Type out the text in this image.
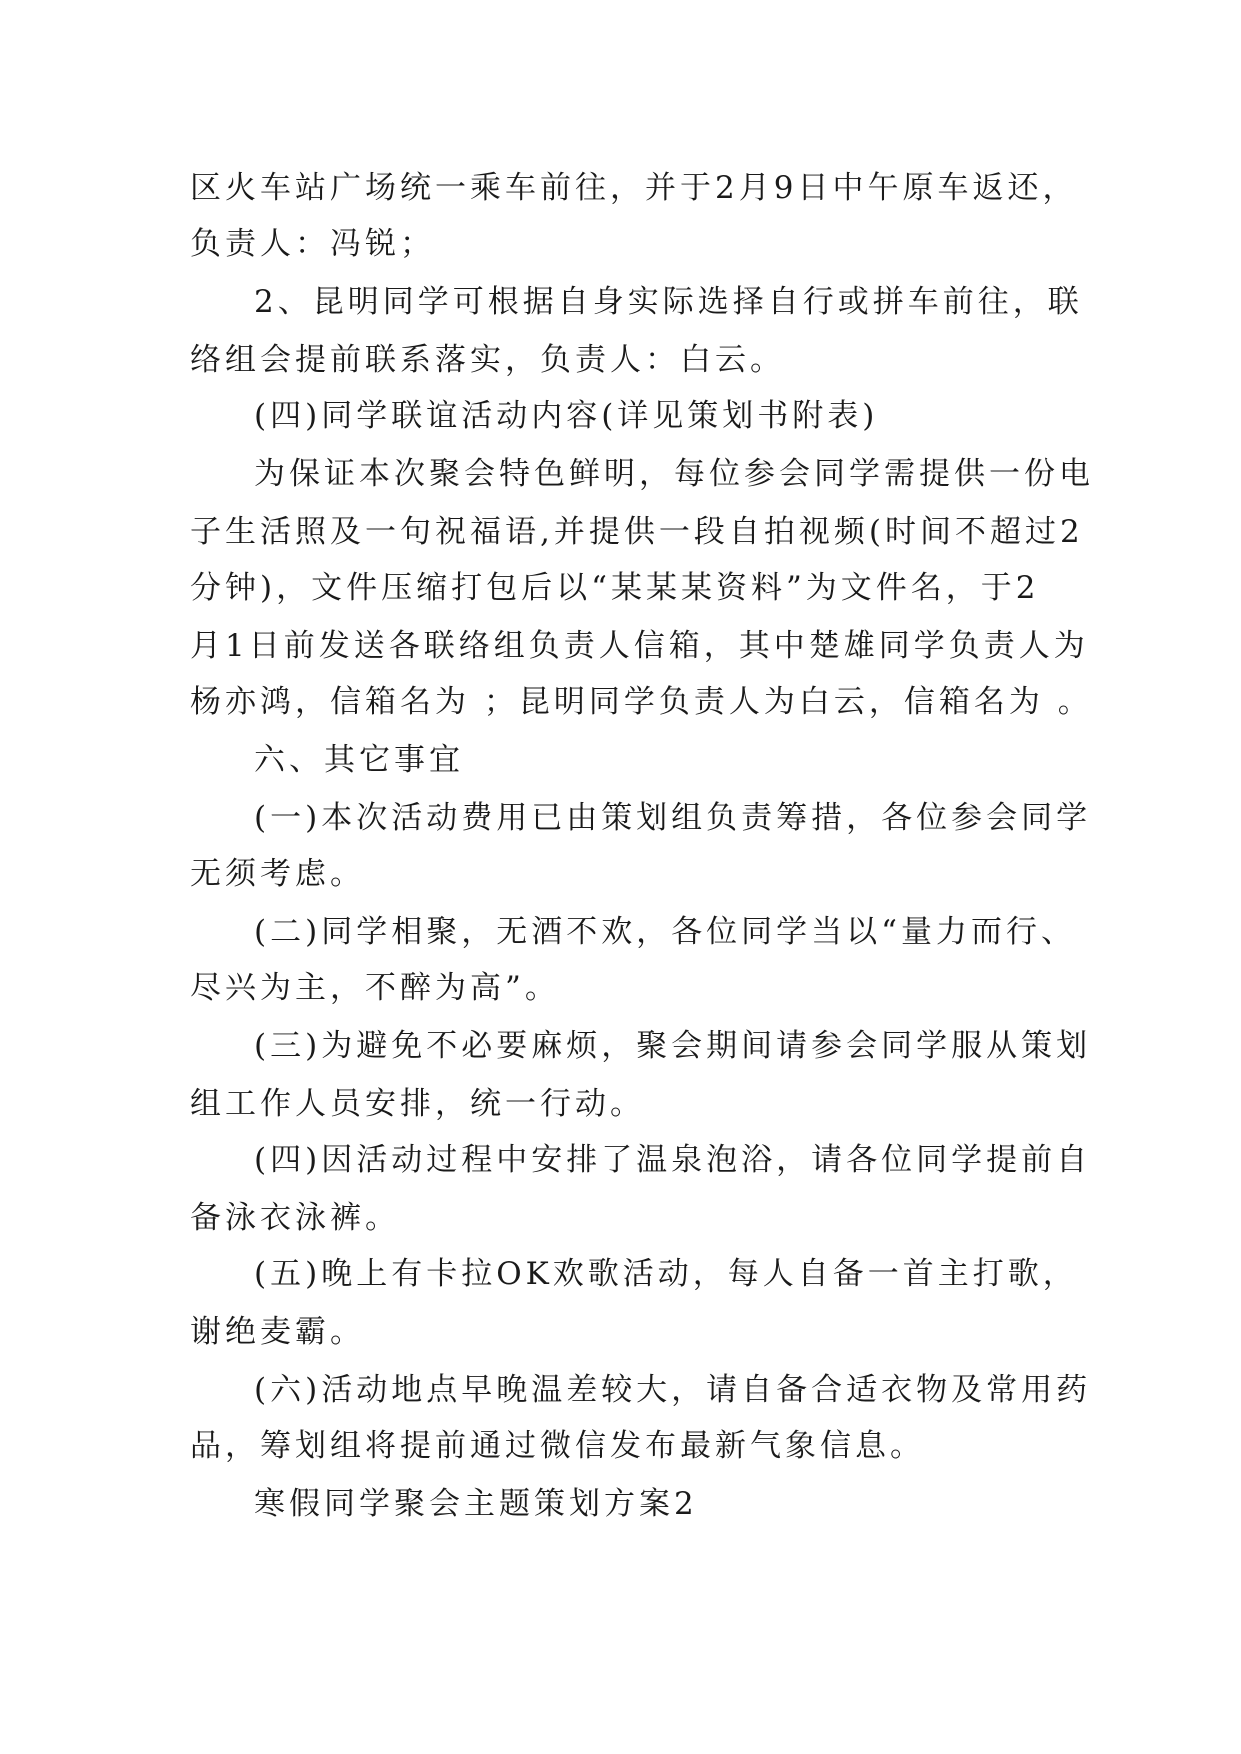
区火车站广场统一乘车前往，并于2月9日中午原车返还，
负责人：冯锐；
2、昆明同学可根据自身实际选择自行或拼车前往，联
络组会提前联系落实，负责人：白云。
(四)同学联谊活动内容(详见策划书附表)
为保证本次聚会特色鲜明，每位参会同学需提供一份电
子生活照及一句祝福语,并提供一段自拍视频(时间不超过2
分钟)，文件压缩打包后以“某某某资料”为文件名，于2
月1日前发送各联络组负责人信箱，其中楚雄同学负责人为
杨亦鸿，信箱名为 ；昆明同学负责人为白云，信箱名为 。
六、其它事宜
(一)本次活动费用已由策划组负责筹措，各位参会同学
无须考虑。
(二)同学相聚，无酒不欢，各位同学当以“量力而行、
尽兴为主，不醉为高”。
(三)为避免不必要麻烦，聚会期间请参会同学服从策划
组工作人员安排，统一行动。
(四)因活动过程中安排了温泉泡浴，请各位同学提前自
备泳衣泳裤。
(五)晚上有卡拉OK欢歌活动，每人自备一首主打歌，
谢绝麦霸。
(六)活动地点早晚温差较大，请自备合适衣物及常用药
品，筹划组将提前通过微信发布最新气象信息。
寒假同学聚会主题策划方案2
